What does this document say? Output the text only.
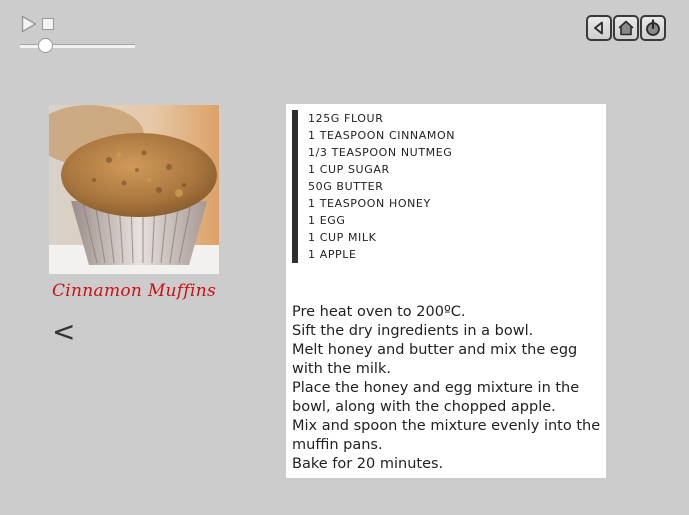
Cinnamon Muffins
<
125G FLOUR
1 TEASPOON CINNAMON
1/3 TEASPOON NUTMEG
1 CUP SUGAR
50G BUTTER
1 TEASPOON HONEY
1 EGG
1 CUP MILK
1 APPLE

Pre heat oven to 200ºC.

Sift the dry ingredients in a bowl.

Melt honey and butter and mix the egg with the milk.

Place the honey and egg mixture in the bowl, along with the chopped apple.

Mix and spoon the mixture evenly into the muffin pans.

Bake for 20 minutes.
